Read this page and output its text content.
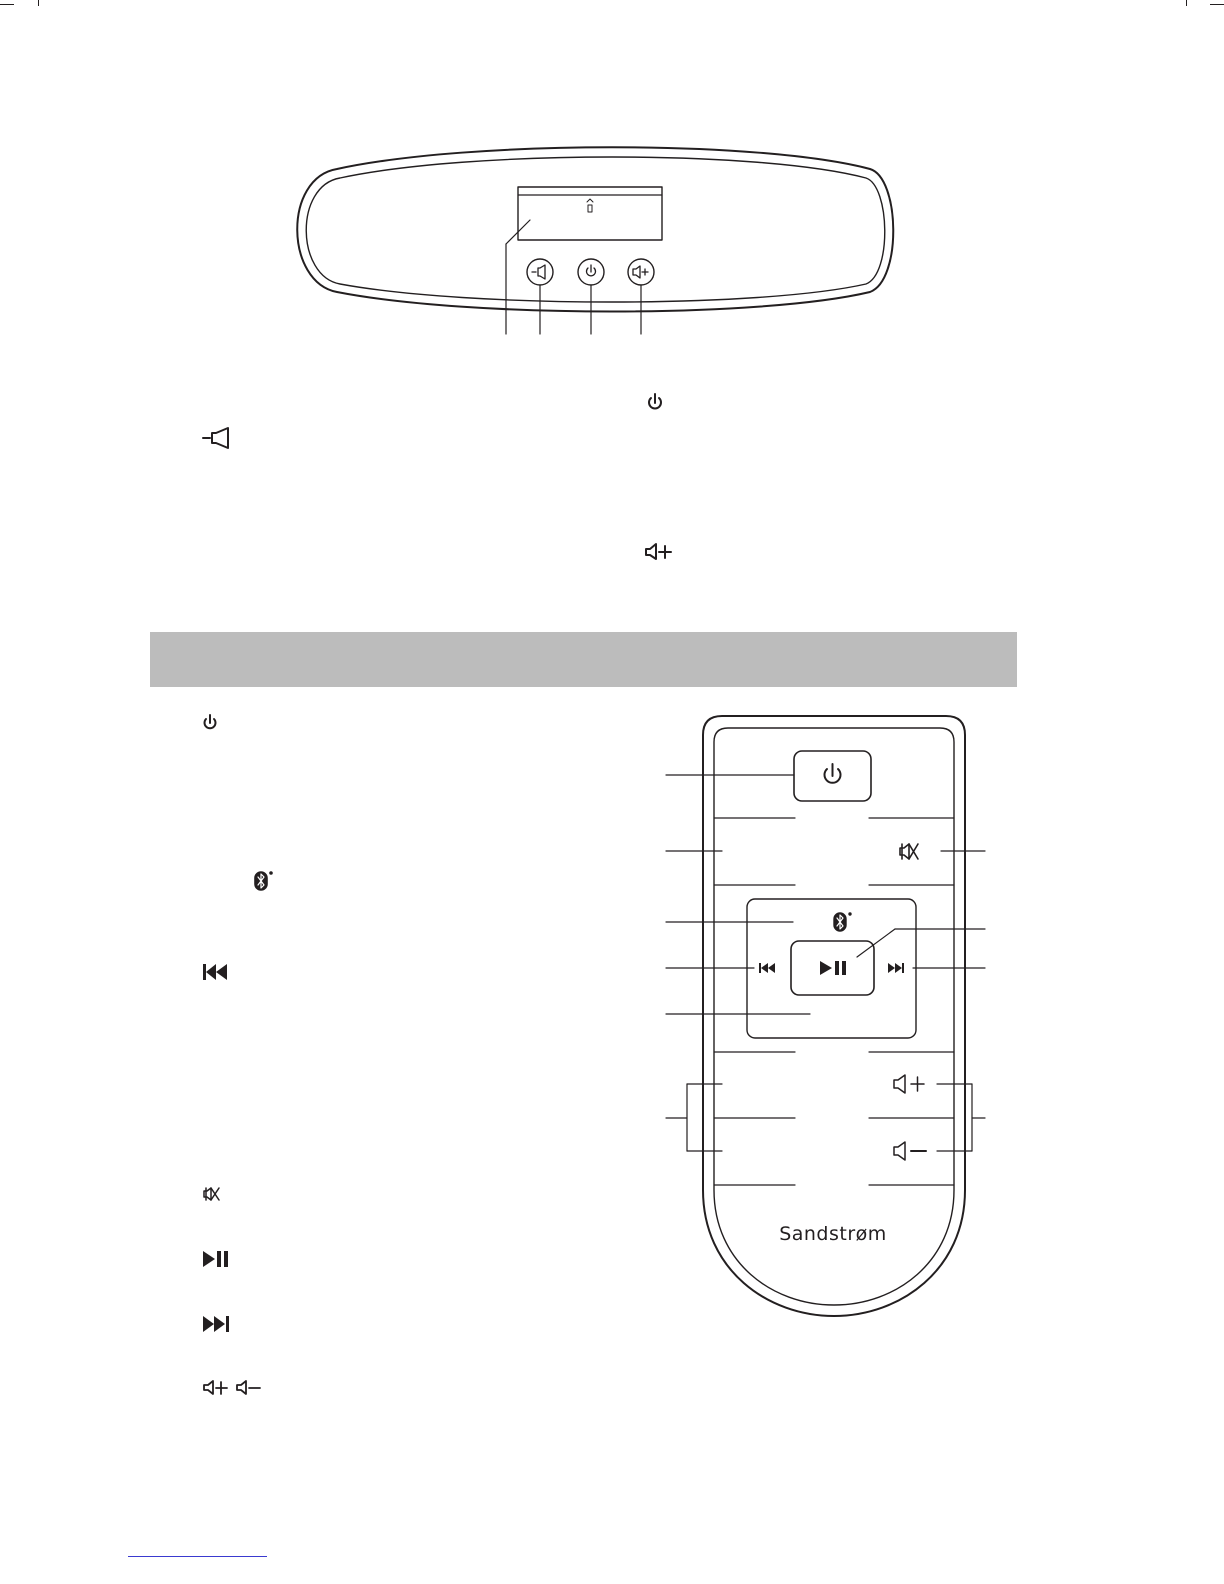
Sandstrøm
